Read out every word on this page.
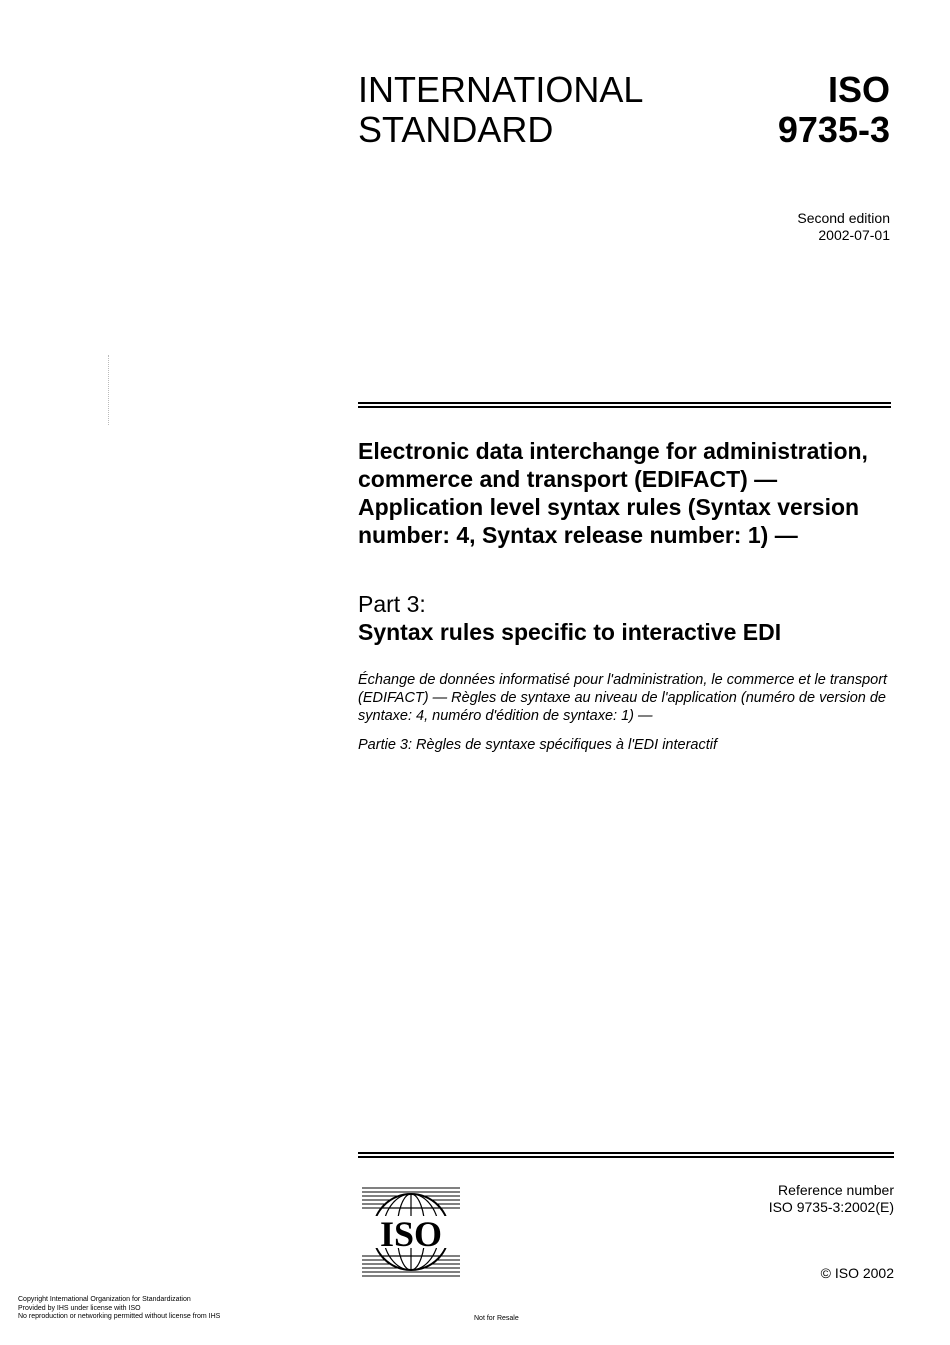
INTERNATIONAL
STANDARD
ISO
9735-3
Second edition
2002-07-01
Electronic data interchange for administration, commerce and transport (EDIFACT) — Application level syntax rules (Syntax version number: 4, Syntax release number: 1) —
Part 3:
Syntax rules specific to interactive EDI
Échange de données informatisé pour l'administration, le commerce et le transport (EDIFACT) — Règles de syntaxe au niveau de l'application (numéro de version de syntaxe: 4, numéro d'édition de syntaxe: 1) —
Partie 3: Règles de syntaxe spécifiques à l'EDI interactif
ISO
Reference number
ISO 9735-3:2002(E)
© ISO 2002
Copyright International Organization for Standardization
Provided by IHS under license with ISO
No reproduction or networking permitted without license from IHS	Not for Resale
